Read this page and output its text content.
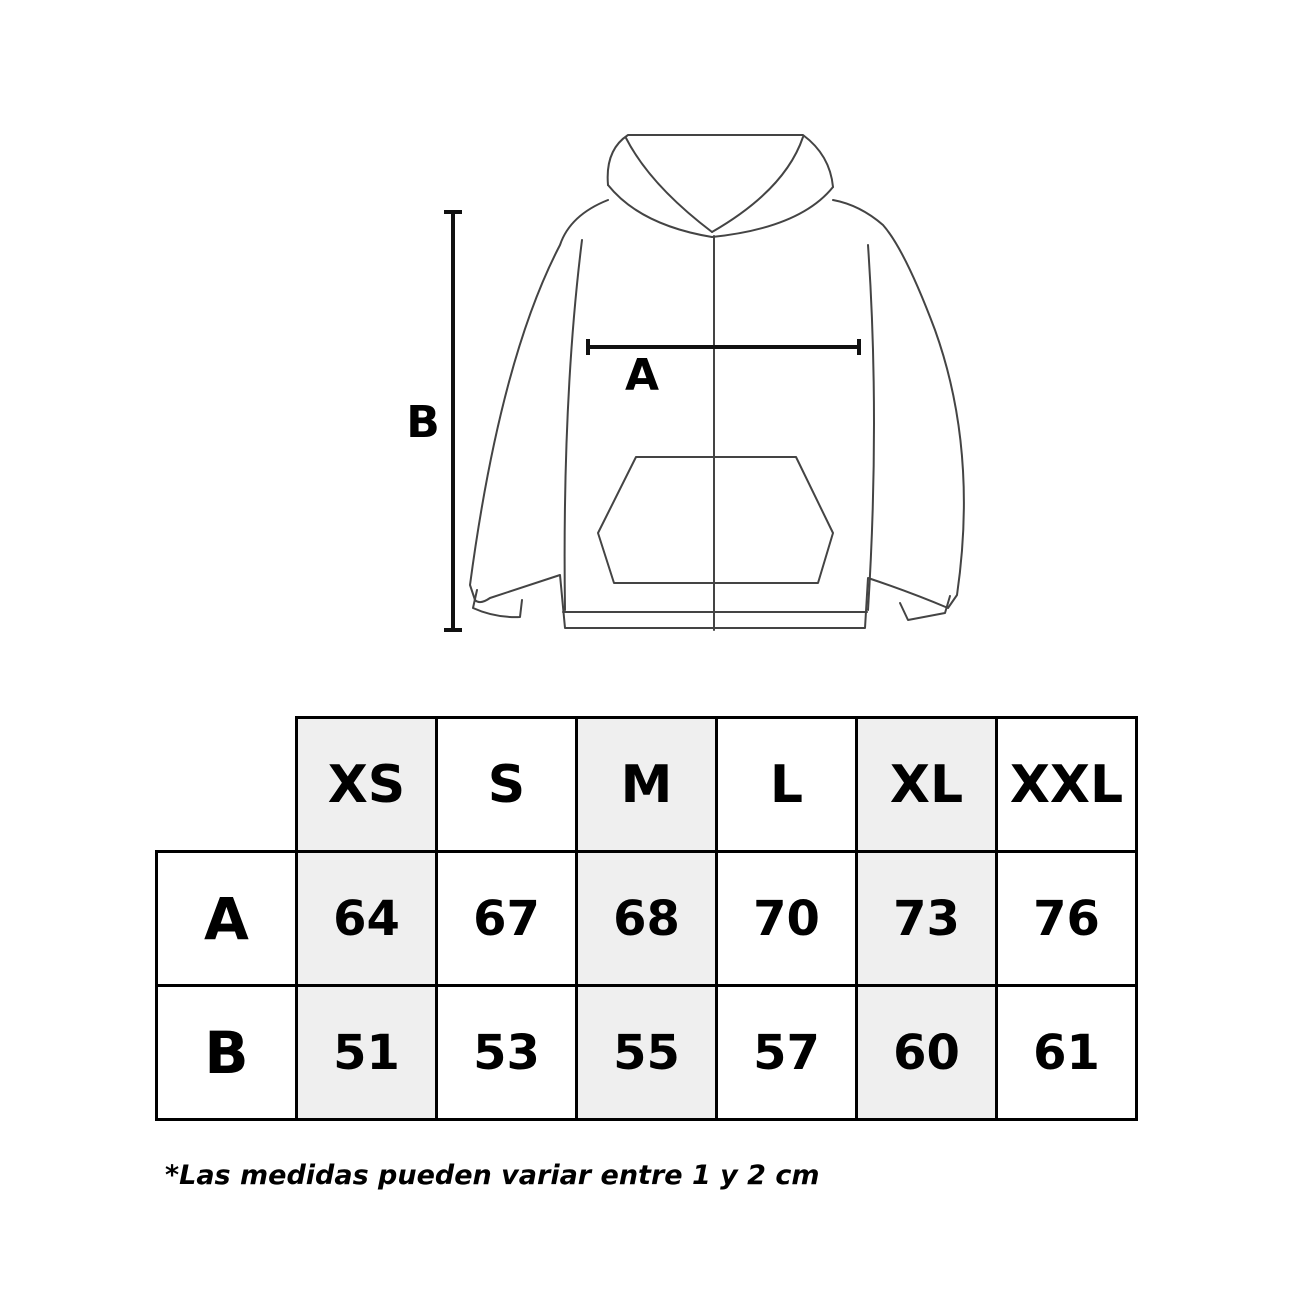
A
B
	XS	S	M	L	XL	XXL
A	64	67	68	70	73	76
B	51	53	55	57	60	61
*Las medidas pueden variar entre 1 y 2 cm
